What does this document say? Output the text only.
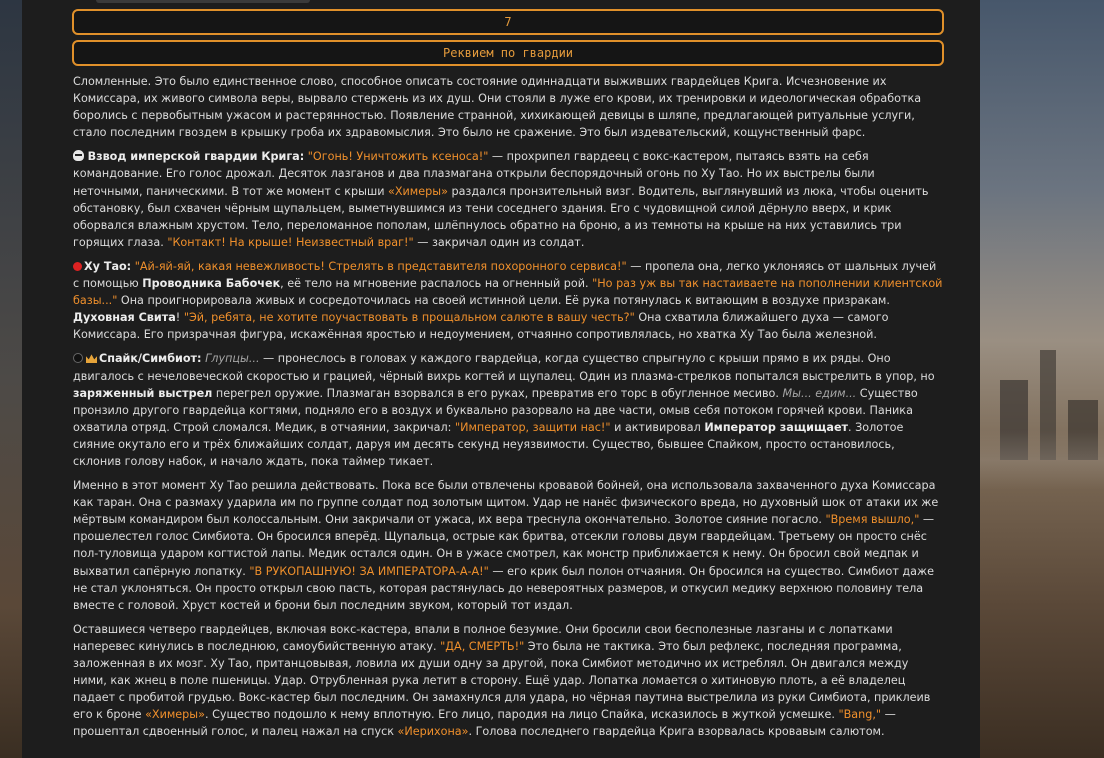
7
Реквием по гвардии

Сломленные. Это было единственное слово, способное описать состояние одиннадцати выживших гвардейцев Крига. Исчезновение их Комиссара, их живого символа веры, вырвало стержень из их душ. Они стояли в луже его крови, их тренировки и идеологическая обработка боролись с первобытным ужасом и растерянностью. Появление странной, хихикающей девицы в шляпе, предлагающей ритуальные услуги, стало последним гвоздем в крышку гроба их здравомыслия. Это было не сражение. Это был издевательский, кощунственный фарс.

Взвод имперской гвардии Крига: "Огонь! Уничтожить ксеноса!" — прохрипел гвардеец с вокс-кастером, пытаясь взять на себя командование. Его голос дрожал. Десяток лазганов и два плазмагана открыли беспорядочный огонь по Ху Тао. Но их выстрелы были неточными, паническими. В тот же момент с крыши «Химеры» раздался пронзительный визг. Водитель, выглянувший из люка, чтобы оценить обстановку, был схвачен чёрным щупальцем, выметнувшимся из тени соседнего здания. Его с чудовищной силой дёрнуло вверх, и крик оборвался влажным хрустом. Тело, переломанное пополам, шлёпнулось обратно на броню, а из темноты на крыше на них уставились три горящих глаза. "Контакт! На крыше! Неизвестный враг!" — закричал один из солдат.

Ху Тао: "Ай-яй-яй, какая невежливость! Стрелять в представителя похоронного сервиса!" — пропела она, легко уклоняясь от шальных лучей с помощью Проводника Бабочек, её тело на мгновение распалось на огненный рой. "Но раз уж вы так настаиваете на пополнении клиентской базы..." Она проигнорировала живых и сосредоточилась на своей истинной цели. Её рука потянулась к витающим в воздухе призракам. Духовная Свита! "Эй, ребята, не хотите поучаствовать в прощальном салюте в вашу честь?" Она схватила ближайшего духа — самого Комиссара. Его призрачная фигура, искажённая яростью и недоумением, отчаянно сопротивлялась, но хватка Ху Тао была железной.

Спайк/Симбиот: Глупцы... — пронеслось в головах у каждого гвардейца, когда существо спрыгнуло с крыши прямо в их ряды. Оно двигалось с нечеловеческой скоростью и грацией, чёрный вихрь когтей и щупалец. Один из плазма-стрелков попытался выстрелить в упор, но заряженный выстрел перегрел оружие. Плазмаган взорвался в его руках, превратив его торс в обугленное месиво. Мы... едим... Существо пронзило другого гвардейца когтями, подняло его в воздух и буквально разорвало на две части, омыв себя потоком горячей крови. Паника охватила отряд. Строй сломался. Медик, в отчаянии, закричал: "Император, защити нас!" и активировал Император защищает. Золотое сияние окутало его и трёх ближайших солдат, даруя им десять секунд неуязвимости. Существо, бывшее Спайком, просто остановилось, склонив голову набок, и начало ждать, пока таймер тикает.

Именно в этот момент Ху Тао решила действовать. Пока все были отвлечены кровавой бойней, она использовала захваченного духа Комиссара как таран. Она с размаху ударила им по группе солдат под золотым щитом. Удар не нанёс физического вреда, но духовный шок от атаки их же мёртвым командиром был колоссальным. Они закричали от ужаса, их вера треснула окончательно. Золотое сияние погасло. "Время вышло," — прошелестел голос Симбиота. Он бросился вперёд. Щупальца, острые как бритва, отсекли головы двум гвардейцам. Третьему он просто снёс пол-туловища ударом когтистой лапы. Медик остался один. Он в ужасе смотрел, как монстр приближается к нему. Он бросил свой медпак и выхватил сапёрную лопатку. "В РУКОПАШНУЮ! ЗА ИМПЕРАТОРА-А-А!" — его крик был полон отчаяния. Он бросился на существо. Симбиот даже не стал уклоняться. Он просто открыл свою пасть, которая растянулась до невероятных размеров, и откусил медику верхнюю половину тела вместе с головой. Хруст костей и брони был последним звуком, который тот издал.

Оставшиеся четверо гвардейцев, включая вокс-кастера, впали в полное безумие. Они бросили свои бесполезные лазганы и с лопатками наперевес кинулись в последнюю, самоубийственную атаку. "ДА, СМЕРТЬ!" Это была не тактика. Это был рефлекс, последняя программа, заложенная в их мозг. Ху Тао, пританцовывая, ловила их души одну за другой, пока Симбиот методично их истреблял. Он двигался между ними, как жнец в поле пшеницы. Удар. Отрубленная рука летит в сторону. Ещё удар. Лопатка ломается о хитиновую плоть, а её владелец падает с пробитой грудью. Вокс-кастер был последним. Он замахнулся для удара, но чёрная паутина выстрелила из руки Симбиота, приклеив его к броне «Химеры». Существо подошло к нему вплотную. Его лицо, пародия на лицо Спайка, исказилось в жуткой усмешке. "Bang," — прошептал сдвоенный голос, и палец нажал на спуск «Иерихона». Голова последнего гвардейца Крига взорвалась кровавым салютом.
